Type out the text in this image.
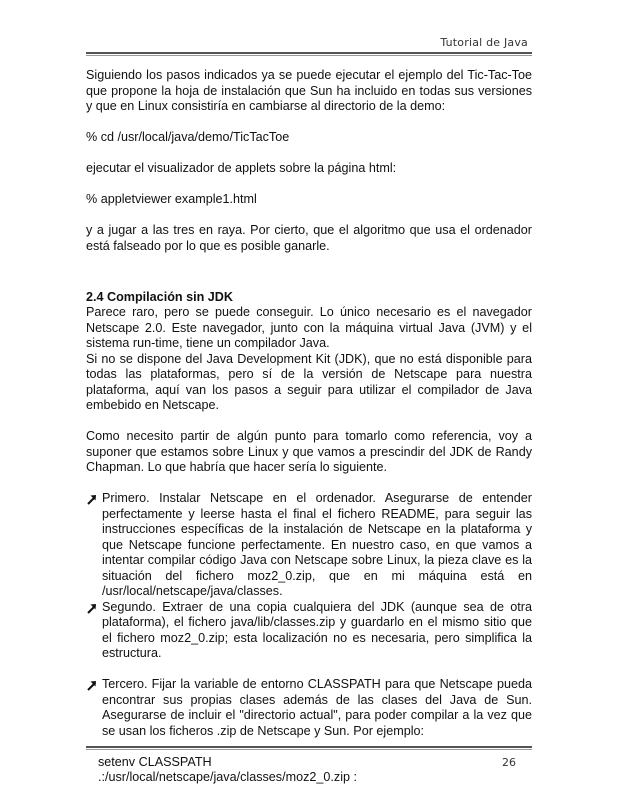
Tutorial de Java

Siguiendo los pasos indicados ya se puede ejecutar el ejemplo del Tic-Tac-Toe que propone la hoja de instalación que Sun ha incluido en todas sus versiones y que en Linux consistiría en cambiarse al directorio de la demo:

% cd /usr/local/java/demo/TicTacToe

ejecutar el visualizador de applets sobre la página html:

% appletviewer example1.html

y a jugar a las tres en raya. Por cierto, que el algoritmo que usa el ordenador está falseado por lo que es posible ganarle.

2.4 Compilación sin JDK

Parece raro, pero se puede conseguir. Lo único necesario es el navegador Netscape 2.0. Este navegador, junto con la máquina virtual Java (JVM) y el sistema run-time, tiene un compilador Java.

Si no se dispone del Java Development Kit (JDK), que no está disponible para todas las plataformas, pero sí de la versión de Netscape para nuestra plataforma, aquí van los pasos a seguir para utilizar el compilador de Java embebido en Netscape.

Como necesito partir de algún punto para tomarlo como referencia, voy a suponer que estamos sobre Linux y que vamos a prescindir del JDK de Randy Chapman. Lo que habría que hacer sería lo siguiente.

Primero. Instalar Netscape en el ordenador. Asegurarse de entender perfectamente y leerse hasta el final el fichero README, para seguir las instrucciones específicas de la instalación de Netscape en la plataforma y que Netscape funcione perfectamente. En nuestro caso, en que vamos a intentar compilar código Java con Netscape sobre Linux, la pieza clave es la situación del fichero moz2_0.zip, que en mi máquina está en /usr/local/netscape/java/classes.
Segundo. Extraer de una copia cualquiera del JDK (aunque sea de otra plataforma), el fichero java/lib/classes.zip y guardarlo en el mismo sitio que el fichero moz2_0.zip; esta localización no es necesaria, pero simplifica la estructura.
Tercero. Fijar la variable de entorno CLASSPATH para que Netscape pueda encontrar sus propias clases además de las clases del Java de Sun. Asegurarse de incluir el "directorio actual", para poder compilar a la vez que se usan los ficheros .zip de Netscape y Sun. Por ejemplo:

setenv CLASSPATH

.:/usr/local/netscape/java/classes/moz2_0.zip :

26
